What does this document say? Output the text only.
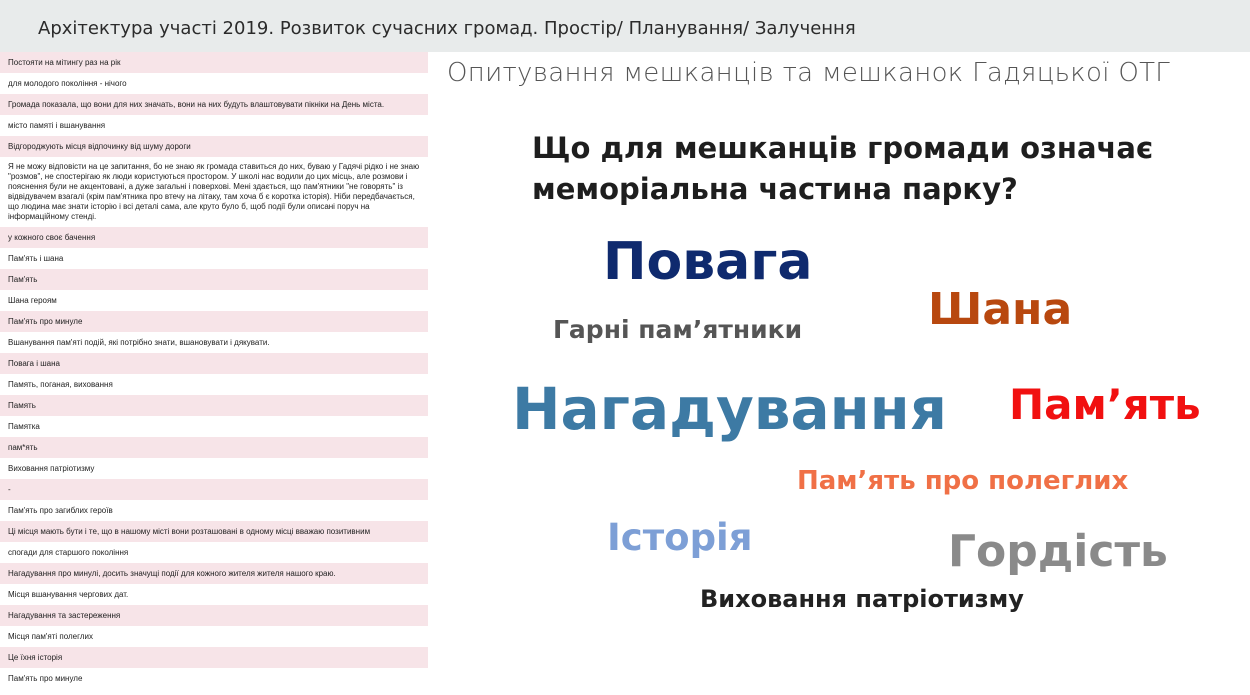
Архітектура участі 2019. Розвиток сучасних громад. Простір/ Планування/ Залучення
Постояти на мітингу раз на рік
для молодого покоління - нічого
Громада показала, що вони для них значать, вони на них будуть влаштовувати пікніки на День міста.
місто памяті і вшанування
Відгороджують місця відпочинку від шуму дороги
Я не можу відповісти на це запитання, бо не знаю як громада ставиться до них, буваю у Гадячі рідко і не знаю "розмов", не спостерігаю як люди користуються простором. У школі нас водили до цих місць, але розмови і пояснення були не акцентовані, а дуже загальні і поверхові. Мені здається, що пам'ятники "не говорять" із відвідувачем взагалі (крім пам'ятника про втечу на літаку, там хоча б є коротка історія). Ніби передбачається, що людина має знати історію і всі деталі сама, але круто було б, щоб події були описані поруч на інформаційному стенді.
у кожного своє бачення
Пам'ять і шана
Пам'ять
Шана героям
Пам'ять про минуле
Вшанування пам'яті подій, які потрібно знати, вшановувати і дякувати.
Повага і шана
Память, поганая, виховання
Память
Памятка
пам*ять
Виховання патріотизму
-
Пам'ять про загиблих героїв
Ці місця мають бути і те, що в нашому місті вони розташовані в одному місці вважаю позитивним
спогади для старшого покоління
Нагадування про минулі, досить значущі події для кожного жителя жителя нашого краю.
Місця вшанування чергових дат.
Нагадування та застереження
Місця пам'яті полеглих
Це їхня історія
Пам'ять про минуле
Опитування мешканців та мешканок Гадяцької ОТГ
Що для мешканців громади означає
меморіальна частина парку?
Повага
Шана
Гарні пам’ятники
Нагадування Пам’ять
Пам’ять про полеглих
Історія	Гордість
Виховання патріотизму
